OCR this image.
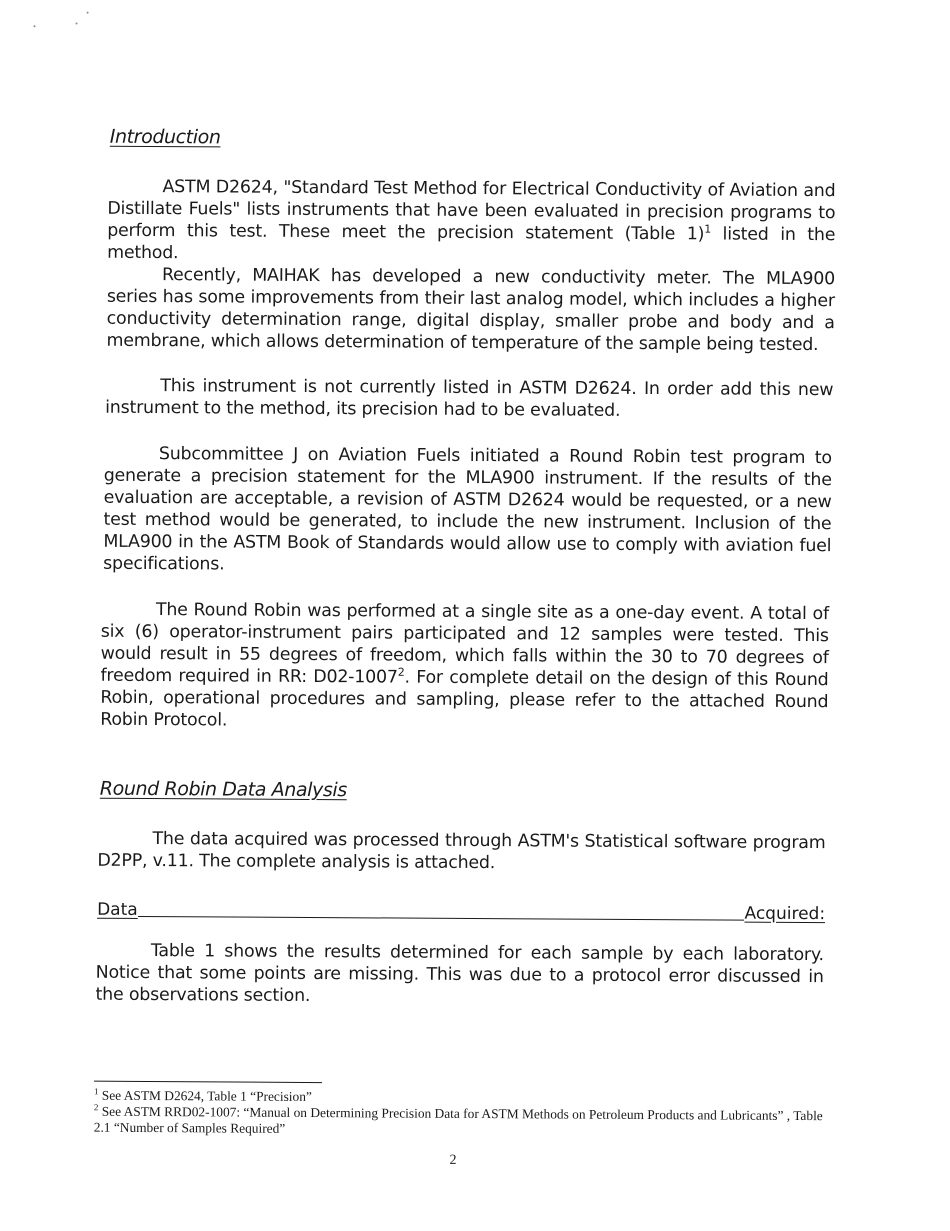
Introduction

ASTM D2624, "Standard Test Method for Electrical Conductivity of Aviation and Distillate Fuels" lists instruments that have been evaluated in precision programs to perform this test. These meet the precision statement (Table 1)$^1$ listed in the method.

Recently, MAIHAK has developed a new conductivity meter. The MLA900 series has some improvements from their last analog model, which includes a higher conductivity determination range, digital display, smaller probe and body and a membrane, which allows determination of temperature of the sample being tested.

This instrument is not currently listed in ASTM D2624. In order add this new instrument to the method, its precision had to be evaluated.

Subcommittee J on Aviation Fuels initiated a Round Robin test program to generate a precision statement for the MLA900 instrument. If the results of the evaluation are acceptable, a revision of ASTM D2624 would be requested, or a new test method would be generated, to include the new instrument. Inclusion of the MLA900 in the ASTM Book of Standards would allow use to comply with aviation fuel specifications.

The Round Robin was performed at a single site as a one-day event. A total of six (6) operator-instrument pairs participated and 12 samples were tested. This would result in 55 degrees of freedom, which falls within the 30 to 70 degrees of freedom required in RR: D02-1007$^2$. For complete detail on the design of this Round Robin, operational procedures and sampling, please refer to the attached Round Robin Protocol.

Round Robin Data Analysis

The data acquired was processed through ASTM's Statistical software program D2PP, v.11. The complete analysis is attached.

Data	Acquired:

Table 1 shows the results determined for each sample by each laboratory. Notice that some points are missing. This was due to a protocol error discussed in the observations section.

$^1$ See ASTM D2624, Table 1 “Precision”

$^2$ See ASTM RRD02-1007: “Manual on Determining Precision Data for ASTM Methods on Petroleum Products and Lubricants” , Table 2.1 “Number of Samples Required”

2
